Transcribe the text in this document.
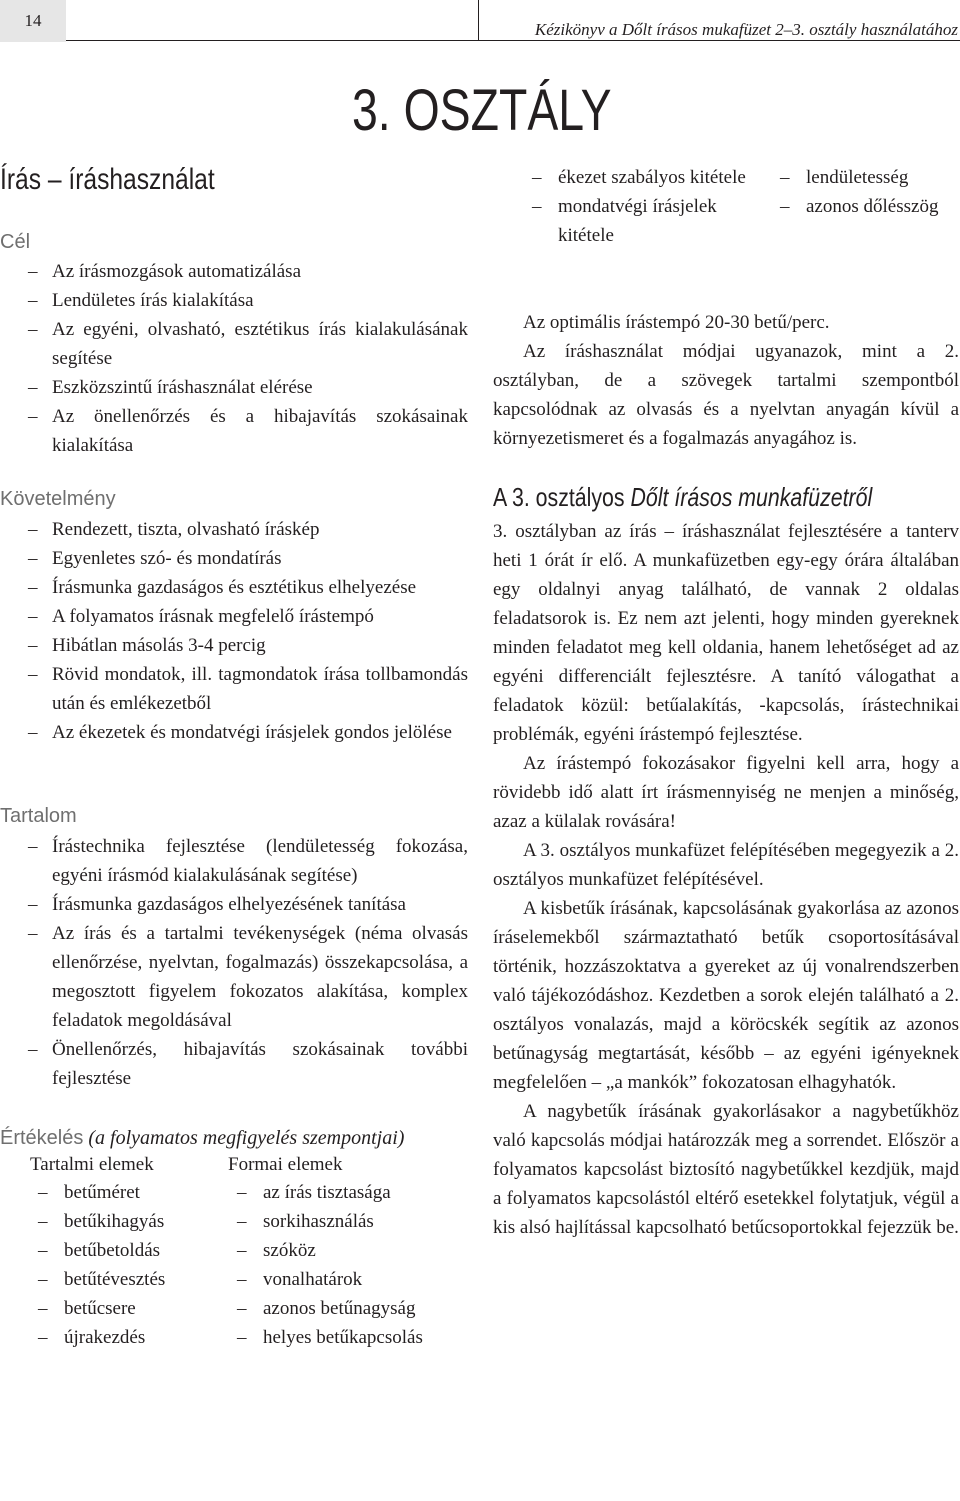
14	Kézikönyv a Dőlt írásos mukafüzet 2–3. osztály használatához
3. OSZTÁLY
Írás – íráshasználat
Cél
– Az írásmozgások automatizálása
– Lendületes írás kialakítása
– Az egyéni, olvasható, esztétikus írás kialakulásának segítése
– Eszközszintű íráshasználat elérése
– Az önellenőrzés és a hibajavítás szokásainak kialakítása
Követelmény
– Rendezett, tiszta, olvasható íráskép
– Egyenletes szó- és mondatírás
– Írásmunka gazdaságos és esztétikus elhelyezése
– A folyamatos írásnak megfelelő írástempó
– Hibátlan másolás 3-4 percig
– Rövid mondatok, ill. tagmondatok írása tollbamondás után és emlékezetből
– Az ékezetek és mondatvégi írásjelek gondos jelölése
Tartalom
– Írástechnika fejlesztése (lendületesség fokozása, egyéni írásmód kialakulásának segítése)
– Írásmunka gazdaságos elhelyezésének tanítása
– Az írás és a tartalmi tevékenységek (néma olvasás ellenőrzése, nyelvtan, fogalmazás) összekapcsolása, a megosztott figyelem fokozatos alakítása, komplex feladatok megoldásával
– Önellenőrzés, hibajavítás szokásainak további fejlesztése
Értékelés (a folyamatos megfigyelés szempontjai)
Tartalmi elemek	Formai elemek
– betűméret
– betűkihagyás
– betűbetoldás
– betűtévesztés
– betűcsere
– újrakezdés
– az írás tisztasága
– sorkihasználás
– szóköz
– vonalhatárok
– azonos betűnagyság
– helyes betűkapcsolás
– ékezet szabályos kitétele
– mondatvégi írásjelek kitétele
– lendületesség
– azonos dőlésszög

Az optimális írástempó 20-30 betű/perc.

Az íráshasználat módjai ugyanazok, mint a 2. osztályban, de a szövegek tartalmi szempontból kapcsolódnak az olvasás és a nyelvtan anyagán kívül a környezetismeret és a fogalmazás anyagához is.

A 3. osztályos Dőlt írásos munkafüzetről

3. osztályban az írás – íráshasználat fejlesztésére a tanterv heti 1 órát ír elő. A munkafüzetben egy-egy órára általában egy oldalnyi anyag található, de vannak 2 oldalas feladatsorok is. Ez nem azt jelenti, hogy minden gyereknek minden feladatot meg kell oldania, hanem lehetőséget ad az egyéni differenciált fejlesztésre. A tanító válogathat a feladatok közül: betűalakítás, -kapcsolás, írástechnikai problémák, egyéni írástempó fejlesztése.

Az írástempó fokozásakor figyelni kell arra, hogy a rövidebb idő alatt írt írásmennyiség ne menjen a minőség, azaz a külalak rovására!

A 3. osztályos munkafüzet felépítésében megegyezik a 2. osztályos munkafüzet felépítésével.

A kisbetűk írásának, kapcsolásának gyakorlása az azonos íráselemekből származtatható betűk csoportosításával történik, hozzászoktatva a gyereket az új vonalrendszerben való tájékozódáshoz. Kezdetben a sorok elején található a 2. osztályos vonalazás, majd a köröcskék segítik az azonos betűnagyság megtartását, később – az egyéni igényeknek megfelelően – „a mankók” fokozatosan elhagyhatók.

A nagybetűk írásának gyakorlásakor a nagybetűkhöz való kapcsolás módjai határozzák meg a sorrendet. Először a folyamatos kapcsolást biztosító nagybetűkkel kezdjük, majd a folyamatos kapcsolástól eltérő esetekkel folytatjuk, végül a kis alsó hajlítással kapcsolható betűcsoportokkal fejezzük be.
